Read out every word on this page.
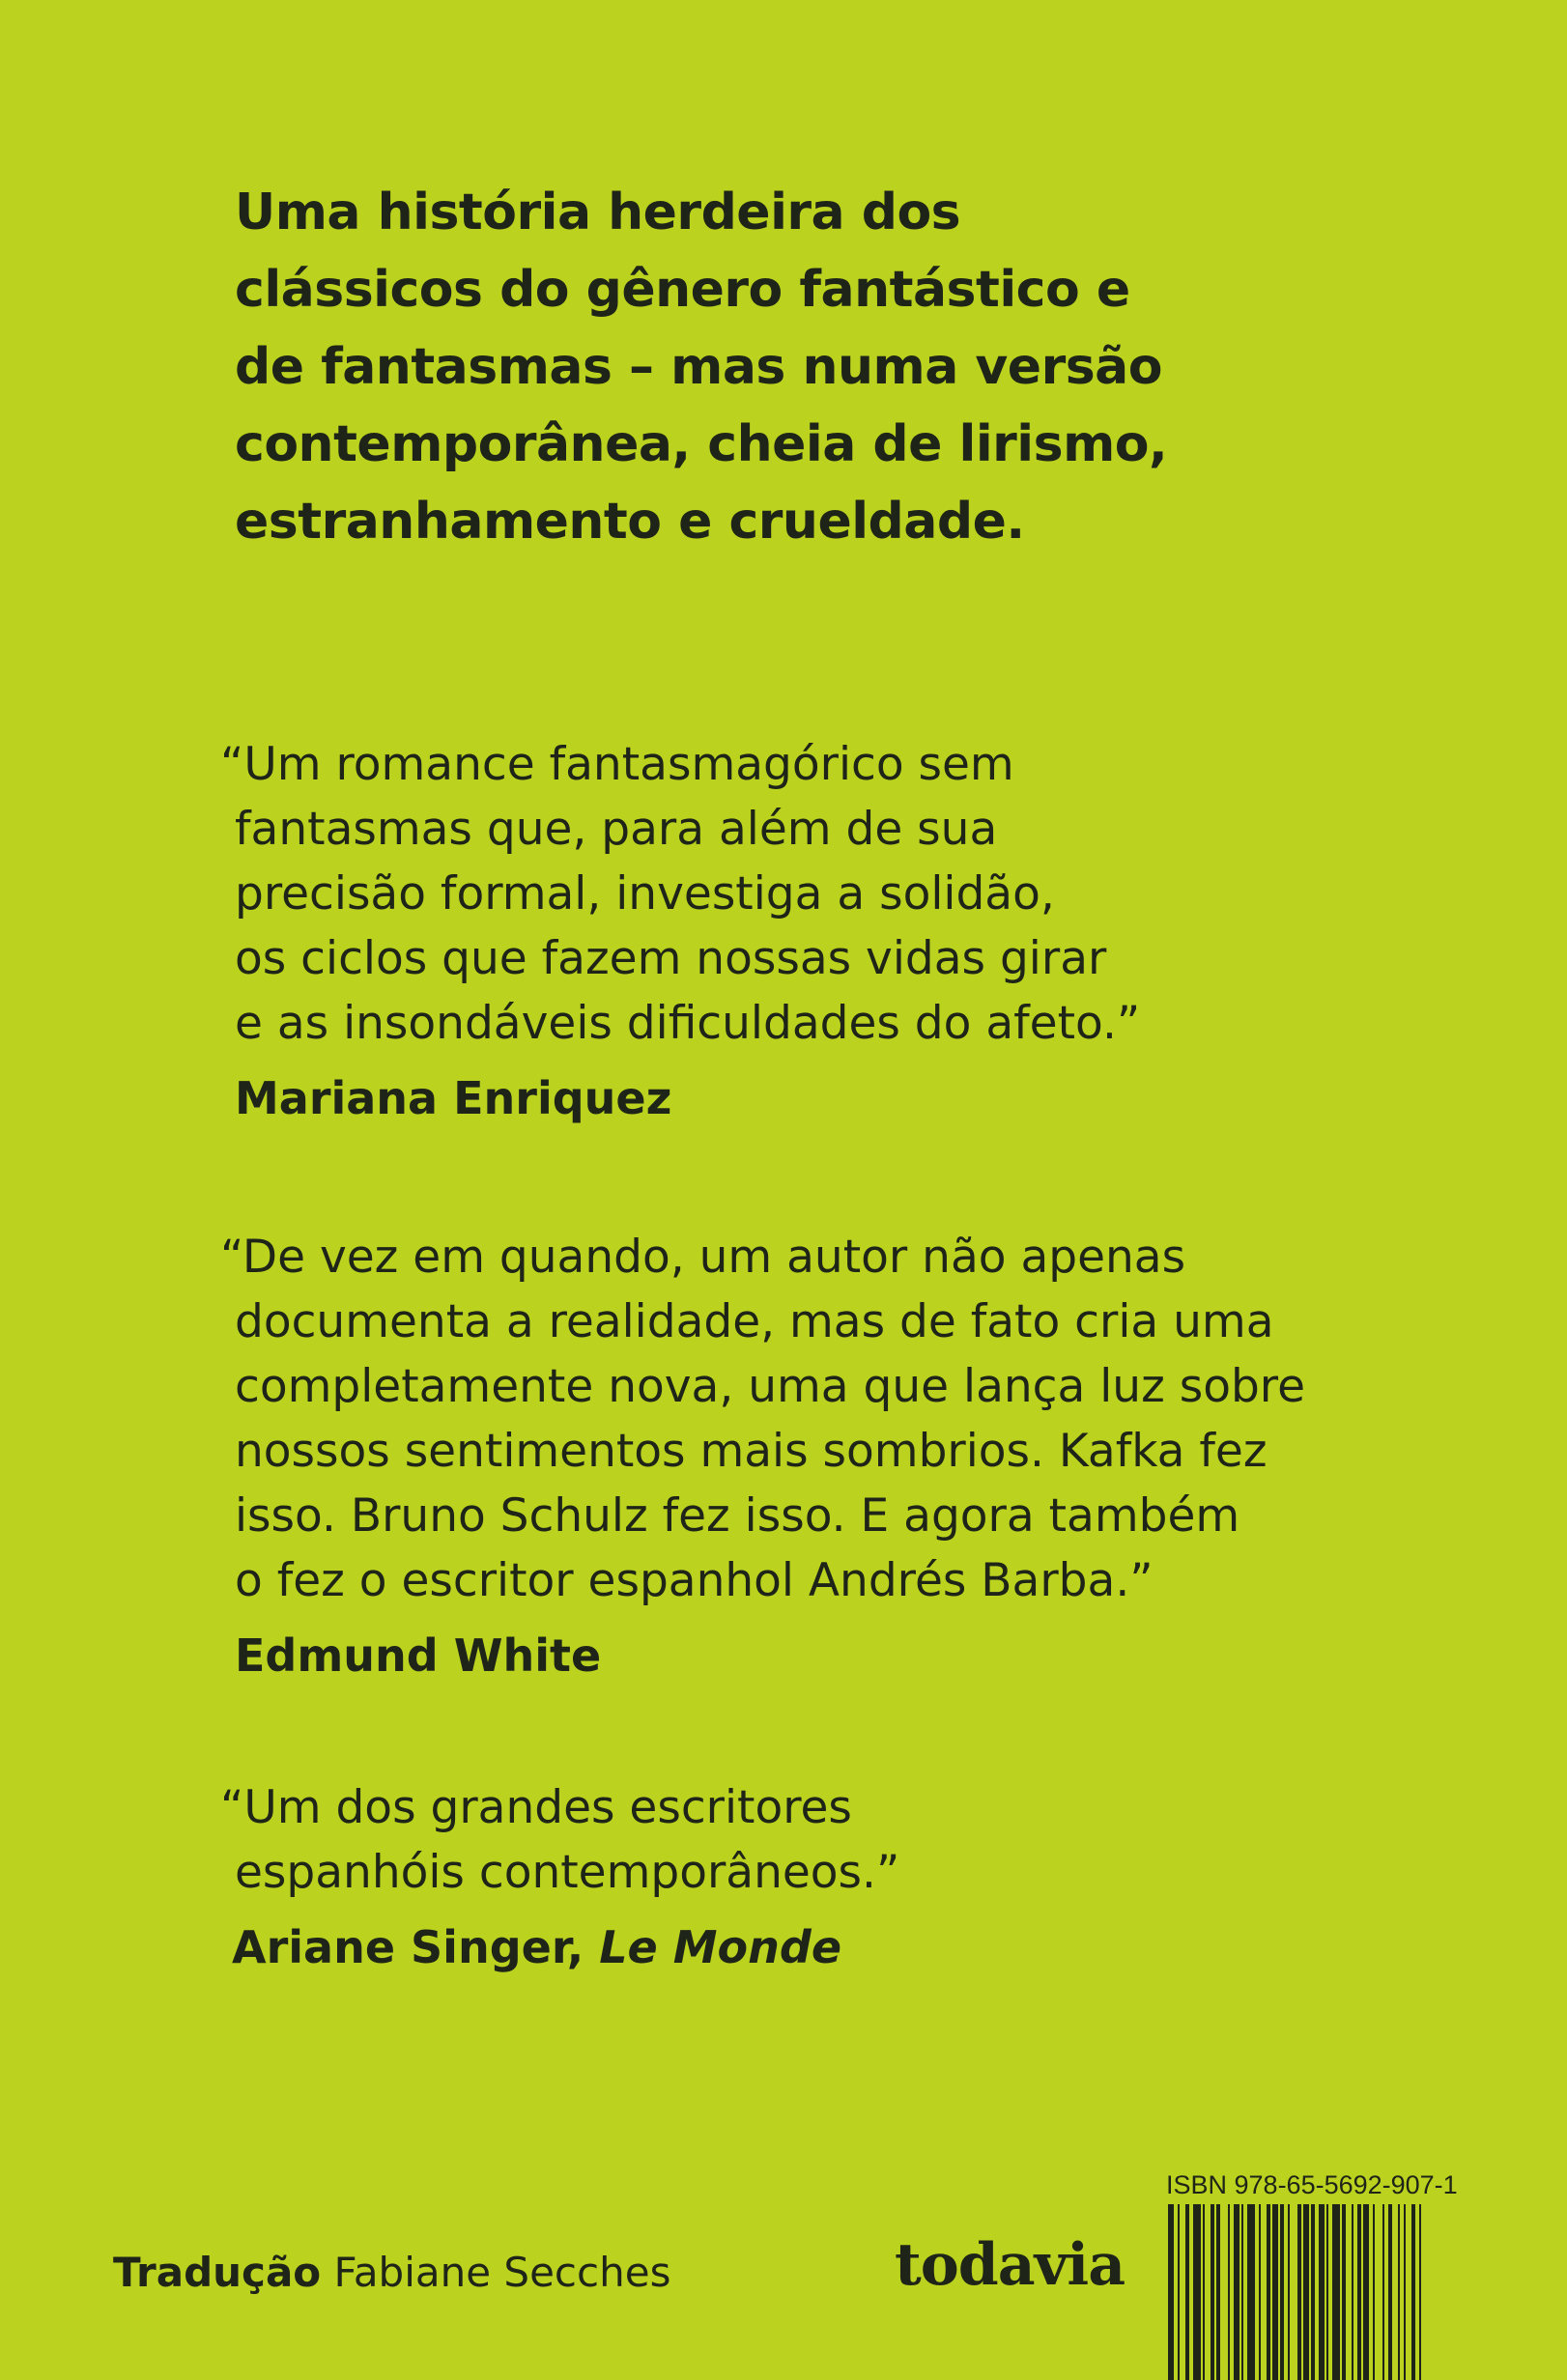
Uma história herdeira dos
clássicos do gênero fantástico e
de fantasmas – mas numa versão
contemporânea, cheia de lirismo,
estranhamento e crueldade.

“Um romance fantasmagórico sem
fantasmas que, para além de sua
precisão formal, investiga a solidão,
os ciclos que fazem nossas vidas girar
e as insondáveis dificuldades do afeto.”

Mariana Enriquez

“De vez em quando, um autor não apenas
documenta a realidade, mas de fato cria uma
completamente nova, uma que lança luz sobre
nossos sentimentos mais sombrios. Kafka fez
isso. Bruno Schulz fez isso. E agora também
o fez o escritor espanhol Andrés Barba.”

Edmund White

“Um dos grandes escritores
espanhóis contemporâneos.”

Ariane Singer, Le Monde
Tradução Fabiane Secches	todavia
ISBN 978-65-5692-907-1
